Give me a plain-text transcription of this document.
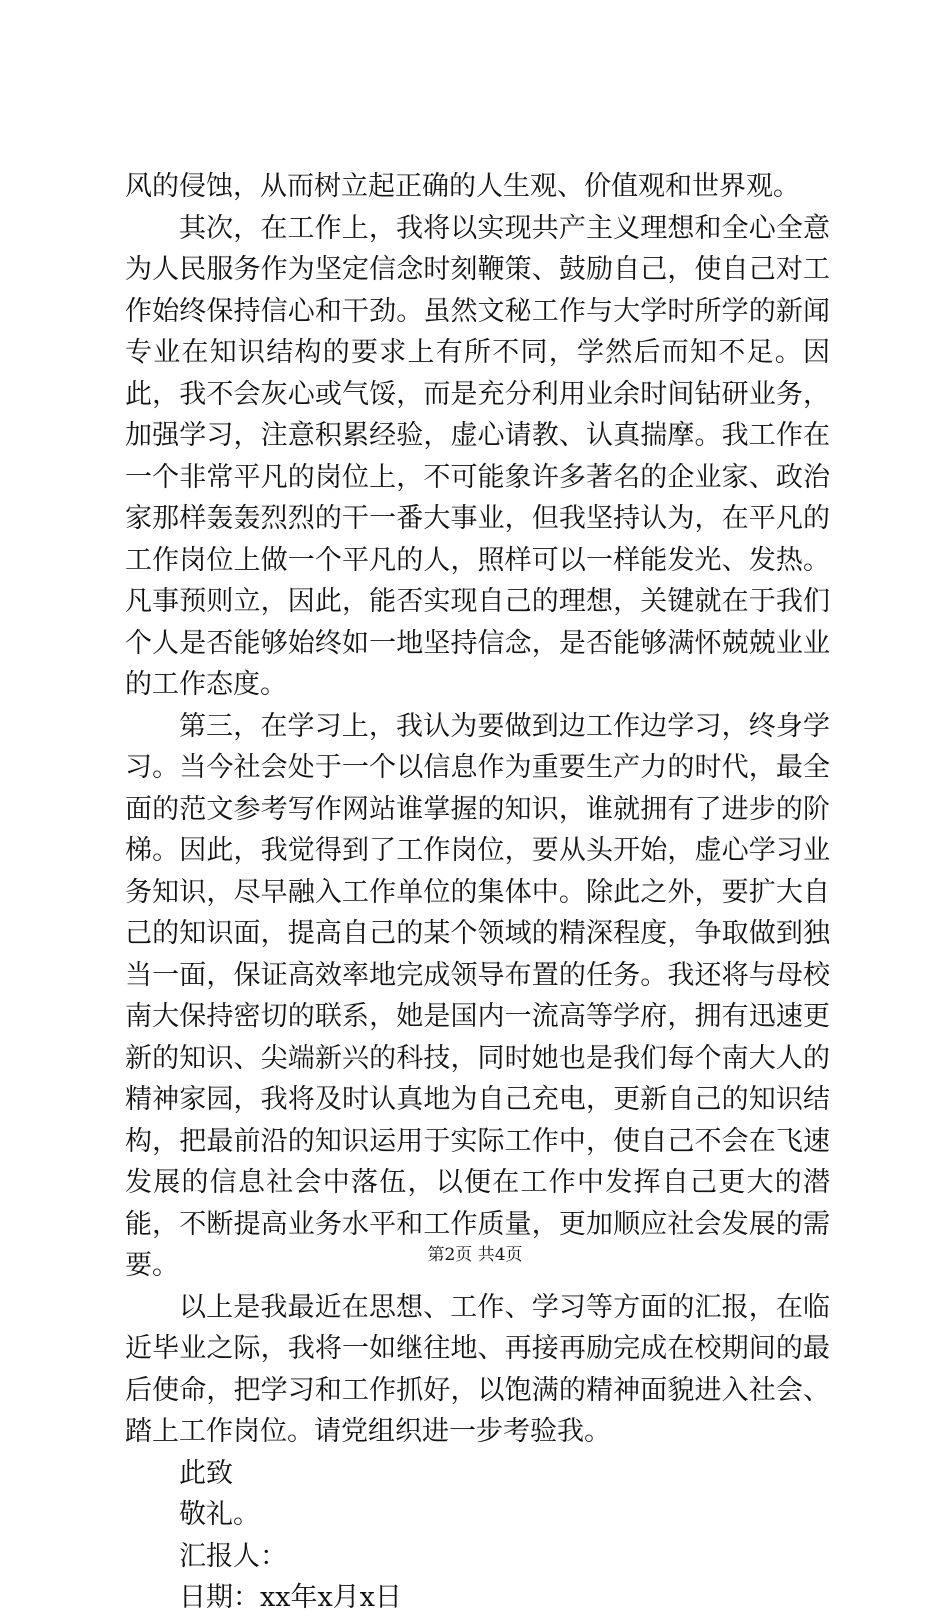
风的侵蚀，从而树立起正确的人生观、价值观和世界观。

其次，在工作上，我将以实现共产主义理想和全心全意为人民服务作为坚定信念时刻鞭策、鼓励自己，使自己对工作始终保持信心和干劲。虽然文秘工作与大学时所学的新闻专业在知识结构的要求上有所不同，学然后而知不足。因此，我不会灰心或气馁，而是充分利用业余时间钻研业务，加强学习，注意积累经验，虚心请教、认真揣摩。我工作在一个非常平凡的岗位上，不可能象许多著名的企业家、政治家那样轰轰烈烈的干一番大事业，但我坚持认为，在平凡的工作岗位上做一个平凡的人，照样可以一样能发光、发热。凡事预则立，因此，能否实现自己的理想，关键就在于我们个人是否能够始终如一地坚持信念，是否能够满怀兢兢业业的工作态度。

第三，在学习上，我认为要做到边工作边学习，终身学习。当今社会处于一个以信息作为重要生产力的时代，最全面的范文参考写作网站谁掌握的知识，谁就拥有了进步的阶梯。因此，我觉得到了工作岗位，要从头开始，虚心学习业务知识，尽早融入工作单位的集体中。除此之外，要扩大自己的知识面，提高自己的某个领域的精深程度，争取做到独当一面，保证高效率地完成领导布置的任务。我还将与母校南大保持密切的联系，她是国内一流高等学府，拥有迅速更新的知识、尖端新兴的科技，同时她也是我们每个南大人的精神家园，我将及时认真地为自己充电，更新自己的知识结构，把最前沿的知识运用于实际工作中，使自己不会在飞速发展的信息社会中落伍，以便在工作中发挥自己更大的潜能，不断提高业务水平和工作质量，更加顺应社会发展的需要。

以上是我最近在思想、工作、学习等方面的汇报，在临近毕业之际，我将一如继往地、再接再励完成在校期间的最后使命，把学习和工作抓好，以饱满的精神面貌进入社会、踏上工作岗位。请党组织进一步考验我。

此致

敬礼。

汇报人：

日期：xx年x月x日

第2页 共4页
